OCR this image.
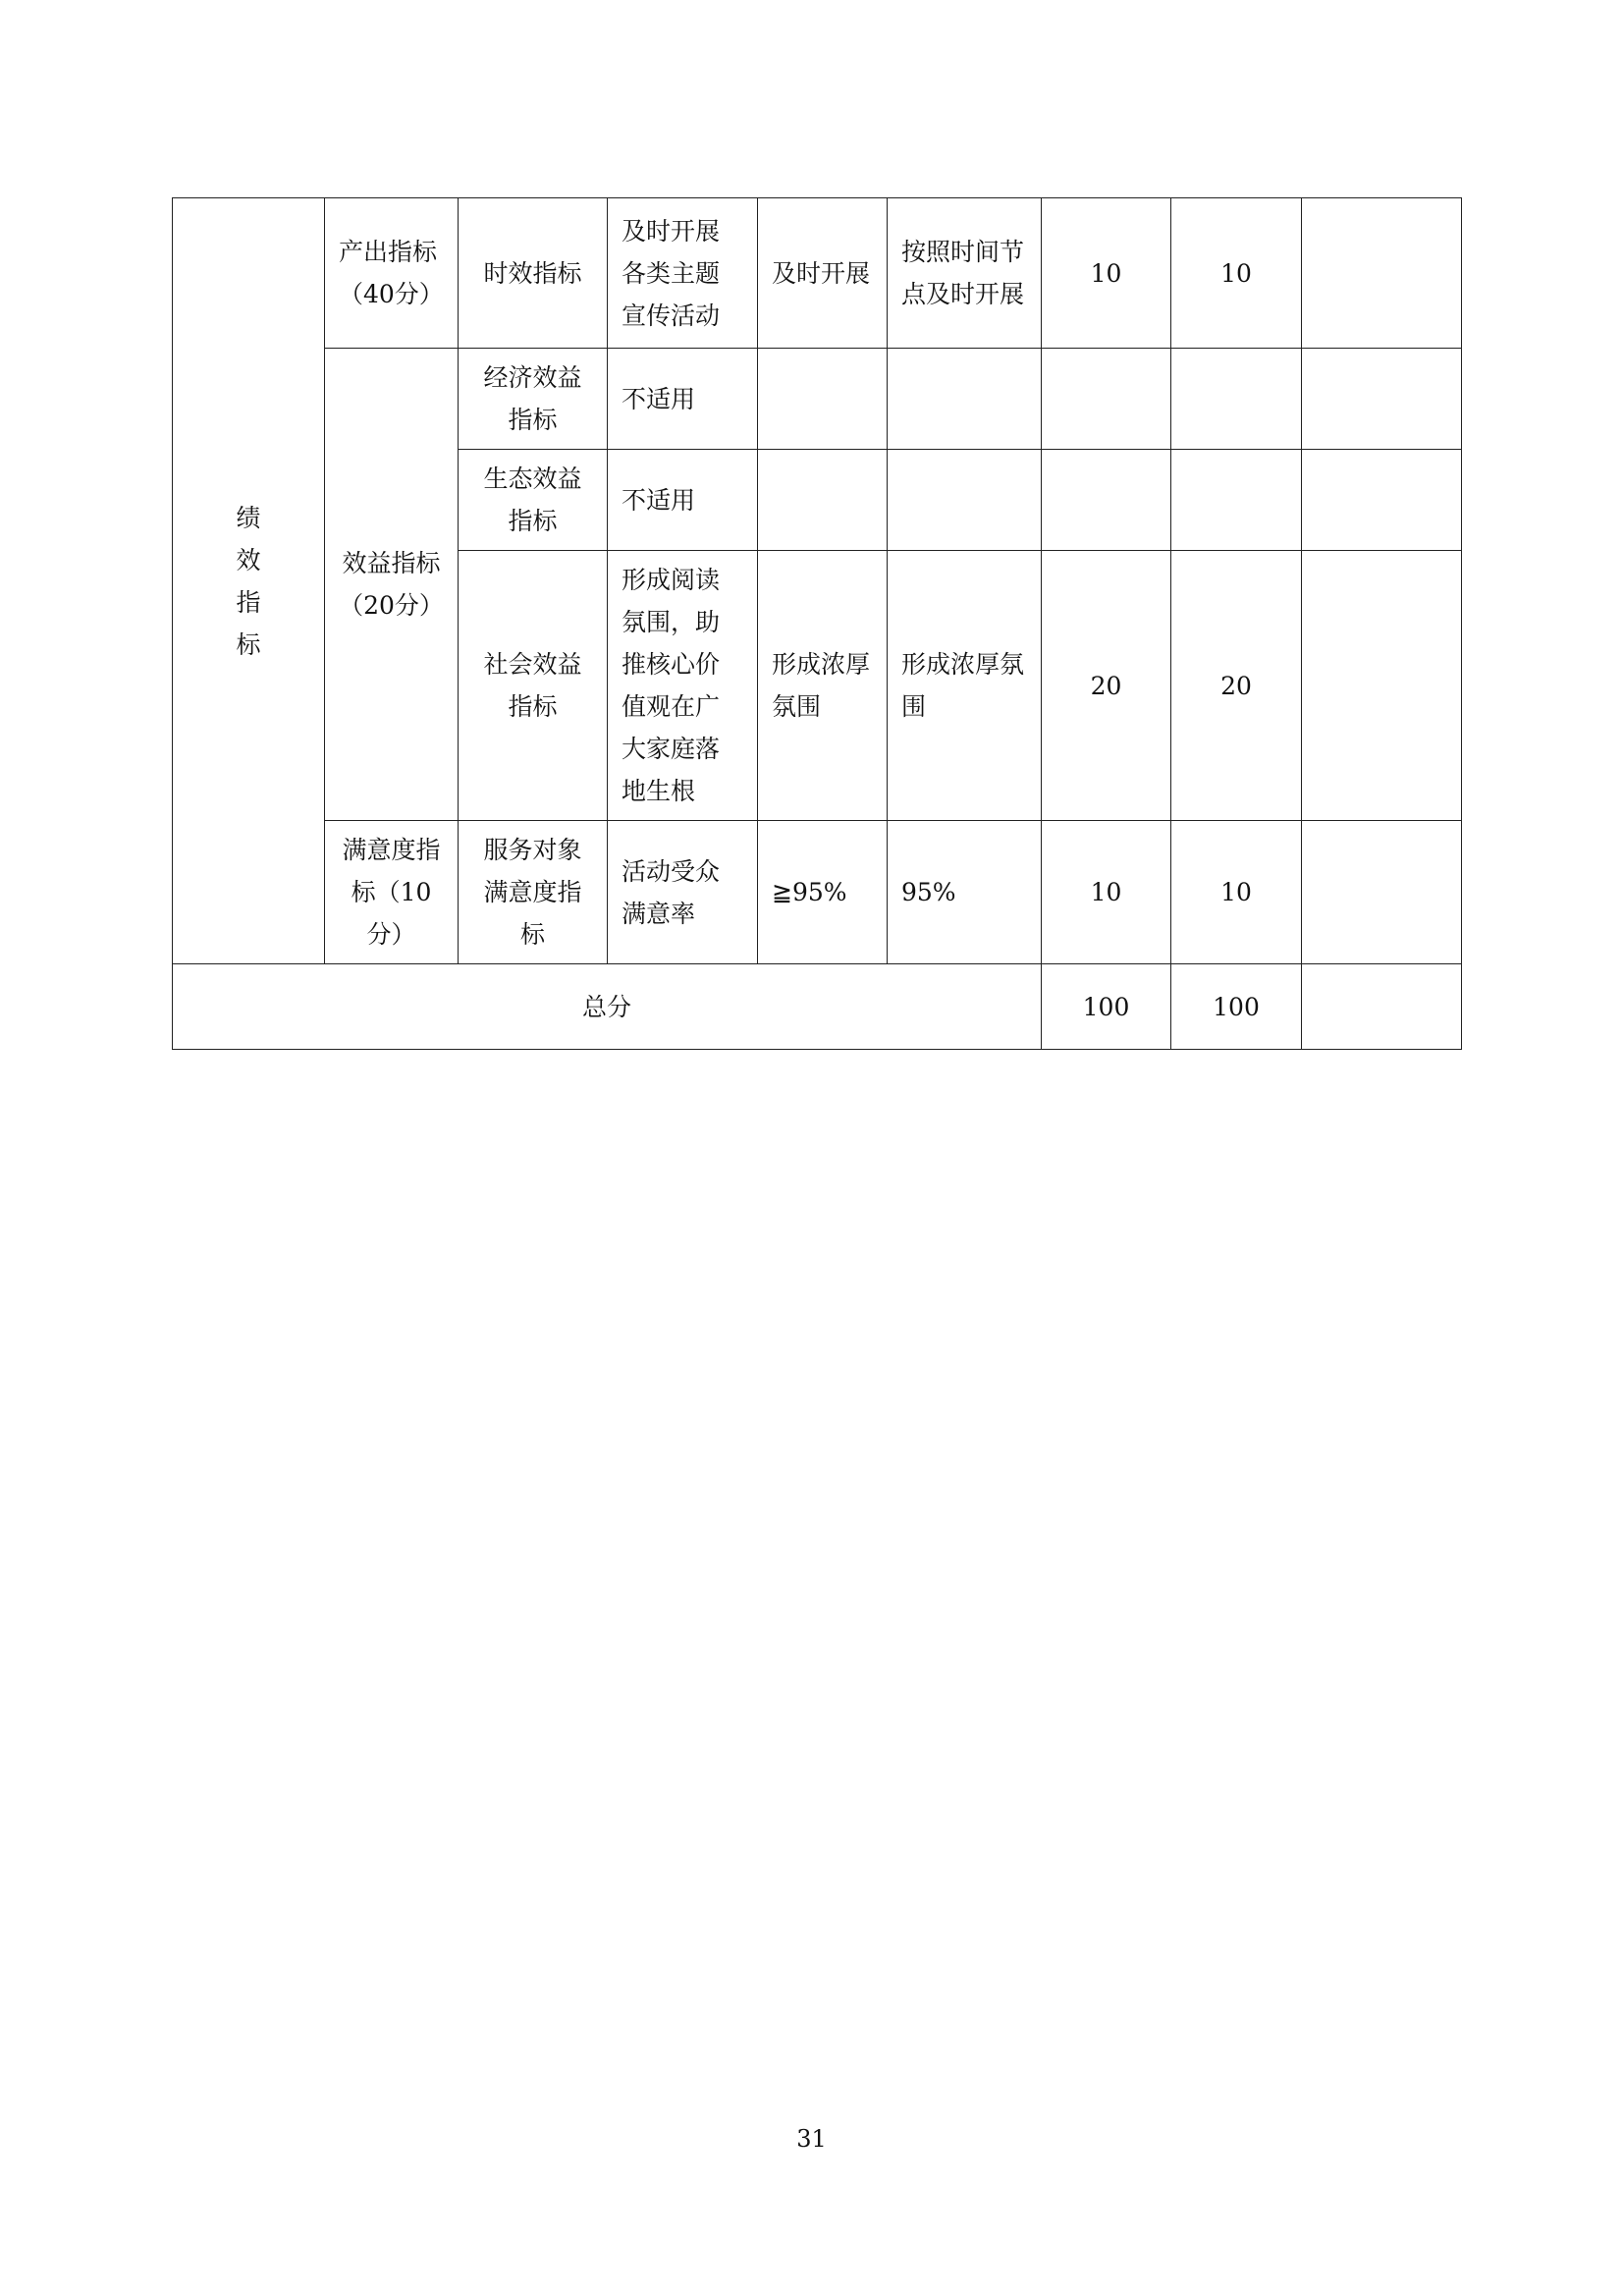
绩效指标	产出指标（40分）	时效指标	及时开展各类主题宣传活动	及时开展	按照时间节点及时开展	10	10	
	效益指标（20分）	经济效益指标	不适用					
		生态效益指标	不适用					
		社会效益指标	形成阅读氛围，助推核心价值观在广大家庭落地生根	形成浓厚氛围	形成浓厚氛围	20	20	
	满意度指标（10分）	服务对象满意度指标	活动受众满意率	≧95%	95%	10	10	
总分						100	100	
31
